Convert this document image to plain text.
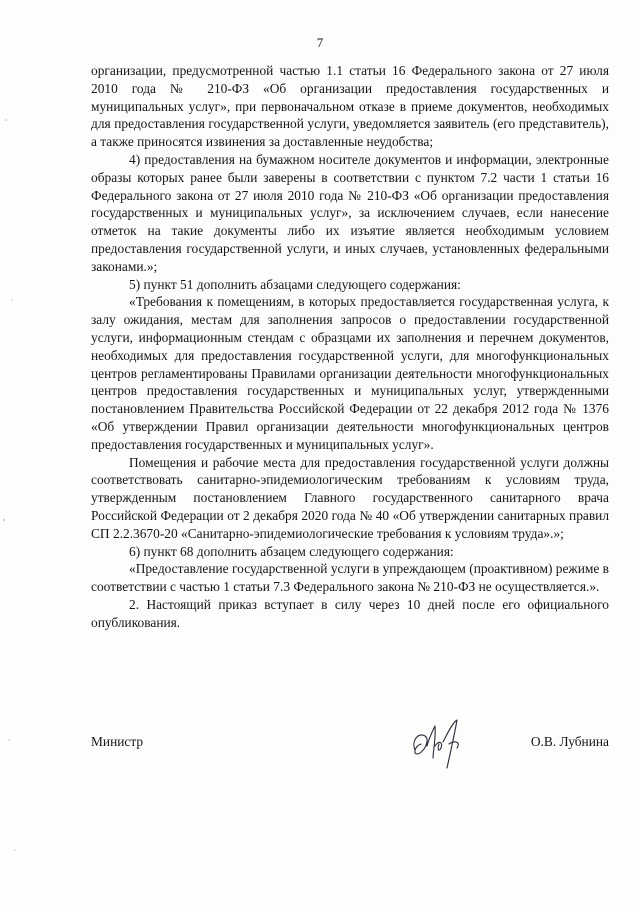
7

организации, предусмотренной частью 1.1 статьи 16 Федерального закона от 27 июля 2010 года № 210-ФЗ «Об организации предоставления государственных и муниципальных услуг», при первоначальном отказе в приеме документов, необходимых для предоставления государственной услуги, уведомляется заявитель (его представитель), а также приносятся извинения за доставленные неудобства;

4) предоставления на бумажном носителе документов и информации, электронные образы которых ранее были заверены в соответствии с пунктом 7.2 части 1 статьи 16 Федерального закона от 27 июля 2010 года № 210-ФЗ «Об организации предоставления государственных и муниципальных услуг», за исключением случаев, если нанесение отметок на такие документы либо их изъятие является необходимым условием предоставления государственной услуги, и иных случаев, установленных федеральными законами.»;

5) пункт 51 дополнить абзацами следующего содержания:

«Требования к помещениям, в которых предоставляется государственная услуга, к залу ожидания, местам для заполнения запросов о предоставлении государственной услуги, информационным стендам с образцами их заполнения и перечнем документов, необходимых для предоставления государственной услуги, для многофункциональных центров регламентированы Правилами организации деятельности многофункциональных центров предоставления государственных и муниципальных услуг, утвержденными постановлением Правительства Российской Федерации от 22 декабря 2012 года № 1376 «Об утверждении Правил организации деятельности многофункциональных центров предоставления государственных и муниципальных услуг».

Помещения и рабочие места для предоставления государственной услуги должны соответствовать санитарно-эпидемиологическим требованиям к условиям труда, утвержденным постановлением Главного государственного санитарного врача Российской Федерации от 2 декабря 2020 года № 40 «Об утверждении санитарных правил СП 2.2.3670-20 «Санитарно-эпидемиологические требования к условиям труда».»;

6) пункт 68 дополнить абзацем следующего содержания:

«Предоставление государственной услуги в упреждающем (проактивном) режиме в соответствии с частью 1 статьи 7.3 Федерального закона № 210-ФЗ не осуществляется.».

2. Настоящий приказ вступает в силу через 10 дней после его официального опубликования.

Министр	О.В. Лубнина
